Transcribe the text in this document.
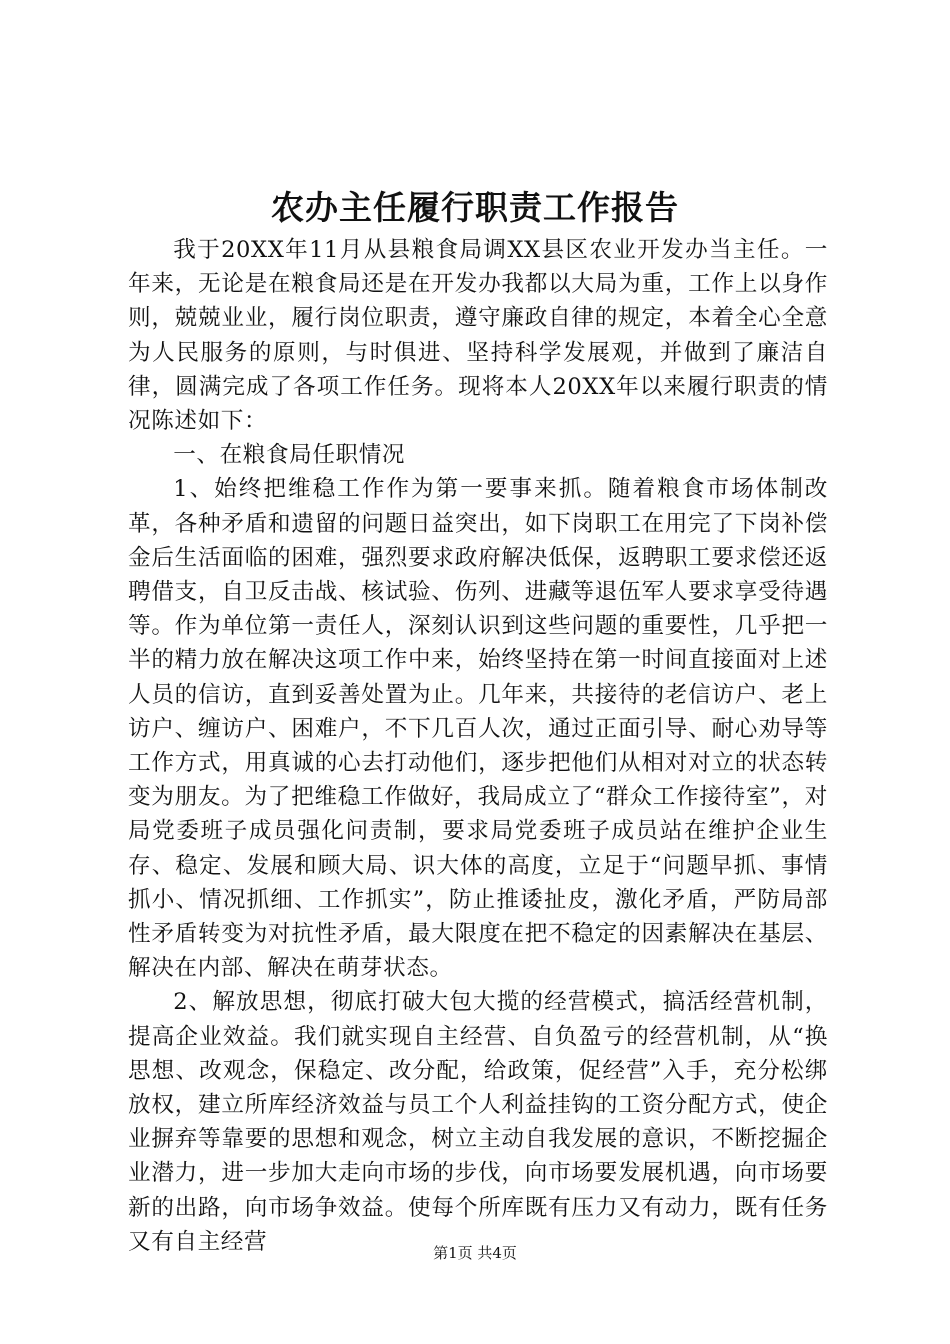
农办主任履行职责工作报告

我于20XX年11月从县粮食局调XX县区农业开发办当主任。一年来，无论是在粮食局还是在开发办我都以大局为重，工作上以身作则，兢兢业业，履行岗位职责，遵守廉政自律的规定，本着全心全意为人民服务的原则，与时俱进、坚持科学发展观，并做到了廉洁自律，圆满完成了各项工作任务。现将本人20XX年以来履行职责的情况陈述如下：

一、在粮食局任职情况

1、始终把维稳工作作为第一要事来抓。随着粮食市场体制改革，各种矛盾和遗留的问题日益突出，如下岗职工在用完了下岗补偿金后生活面临的困难，强烈要求政府解决低保，返聘职工要求偿还返聘借支，自卫反击战、核试验、伤列、进藏等退伍军人要求享受待遇等。作为单位第一责任人，深刻认识到这些问题的重要性，几乎把一半的精力放在解决这项工作中来，始终坚持在第一时间直接面对上述人员的信访，直到妥善处置为止。几年来，共接待的老信访户、老上访户、缠访户、困难户，不下几百人次，通过正面引导、耐心劝导等工作方式，用真诚的心去打动他们，逐步把他们从相对对立的状态转变为朋友。为了把维稳工作做好，我局成立了“群众工作接待室”，对局党委班子成员强化问责制，要求局党委班子成员站在维护企业生存、稳定、发展和顾大局、识大体的高度，立足于“问题早抓、事情抓小、情况抓细、工作抓实”，防止推诿扯皮，激化矛盾，严防局部性矛盾转变为对抗性矛盾，最大限度在把不稳定的因素解决在基层、解决在内部、解决在萌芽状态。

2、解放思想，彻底打破大包大揽的经营模式，搞活经营机制，提高企业效益。我们就实现自主经营、自负盈亏的经营机制，从“换思想、改观念，保稳定、改分配，给政策，促经营”入手，充分松绑放权，建立所库经济效益与员工个人利益挂钩的工资分配方式，使企业摒弃等靠要的思想和观念，树立主动自我发展的意识，不断挖掘企业潜力，进一步加大走向市场的步伐，向市场要发展机遇，向市场要新的出路，向市场争效益。使每个所库既有压力又有动力，既有任务又有自主经营	第1页 共4页
